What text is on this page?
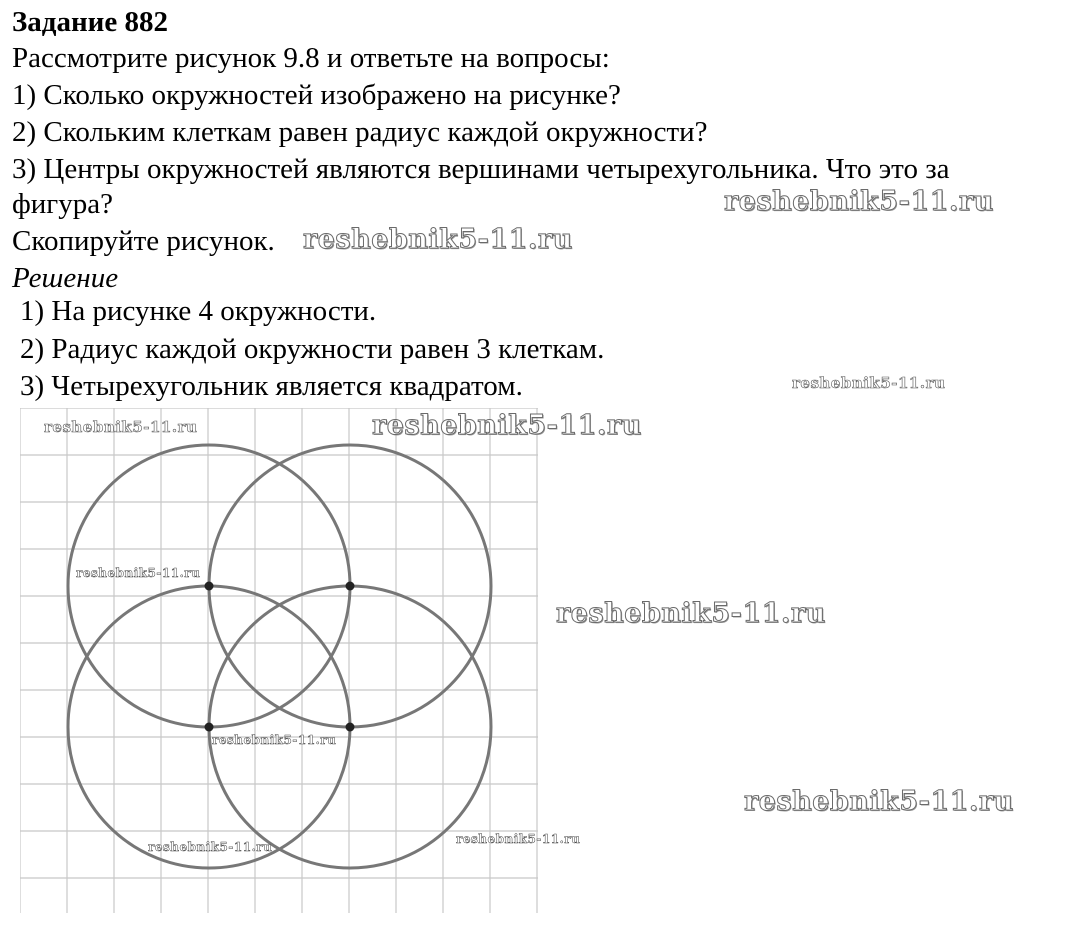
Задание 882
Рассмотрите рисунок 9.8 и ответьте на вопросы:
1) Сколько окружностей изображено на рисунке?
2) Скольким клеткам равен радиус каждой окружности?
3) Центры окружностей являются вершинами четырехугольника. Что это за
фигура?
Скопируйте рисунок.
Решение
1) На рисунке 4 окружности.
2) Радиус каждой окружности равен 3 клеткам.
3) Четырехугольник является квадратом.
reshebnik5-11.ru
reshebnik5-11.ru
reshebnik5-11.ru
reshebnik5-11.ru	reshebnik5-11.ru
reshebnik5-11.ru
reshebnik5-11.ru
reshebnik5-11.ru
reshebnik5-11.ru
reshebnik5-11.ru
reshebnik5-11.ru
